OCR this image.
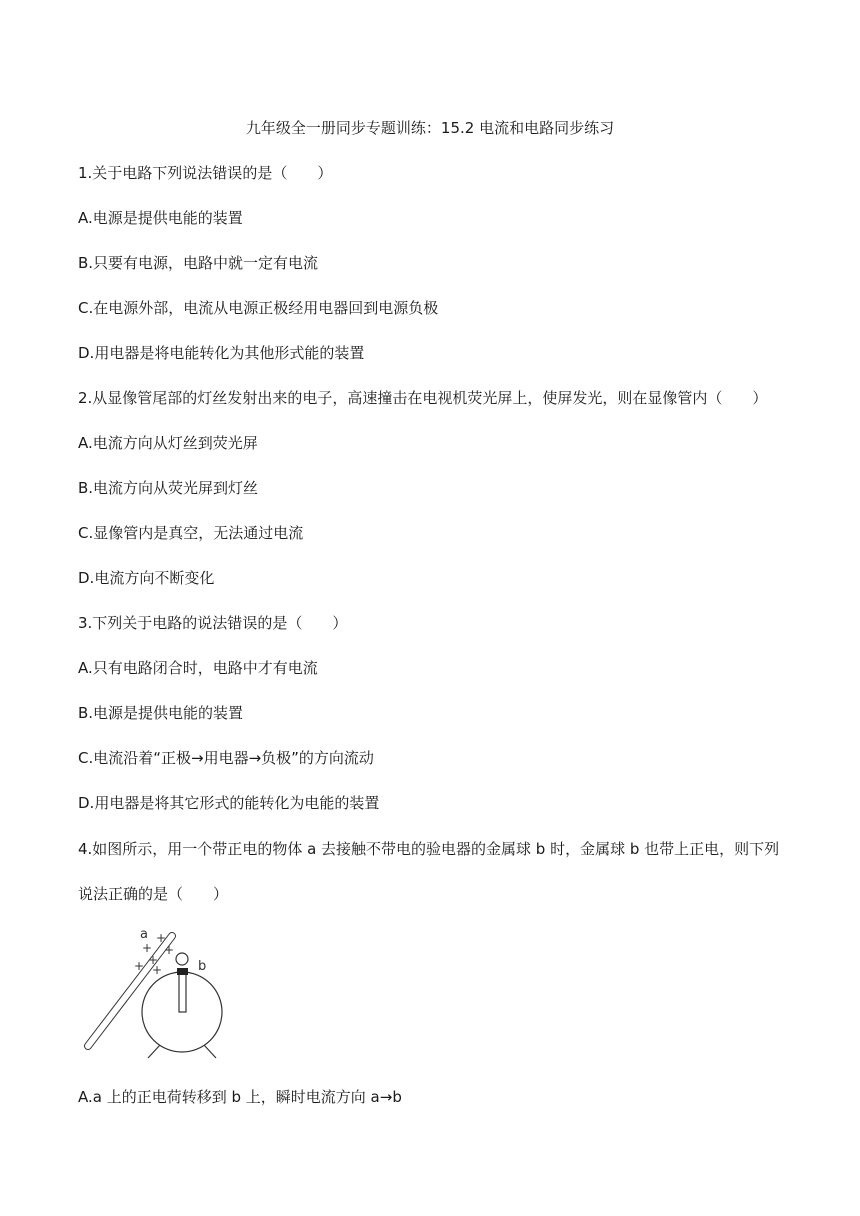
九年级全一册同步专题训练：15.2 电流和电路同步练习
1.关于电路下列说法错误的是（　　）
A.电源是提供电能的装置
B.只要有电源，电路中就一定有电流
C.在电源外部，电流从电源正极经用电器回到电源负极
D.用电器是将电能转化为其他形式能的装置
2.从显像管尾部的灯丝发射出来的电子，高速撞击在电视机荧光屏上，使屏发光，则在显像管内（　　）
A.电流方向从灯丝到荧光屏
B.电流方向从荧光屏到灯丝
C.显像管内是真空，无法通过电流
D.电流方向不断变化
3.下列关于电路的说法错误的是（　　）
A.只有电路闭合时，电路中才有电流
B.电源是提供电能的装置
C.电流沿着“正极→用电器→负极”的方向流动
D.用电器是将其它形式的能转化为电能的装置
4.如图所示，用一个带正电的物体 a 去接触不带电的验电器的金属球 b 时，金属球 b 也带上正电，则下列
说法正确的是（　　）
+
+ +
+
+ +
a
b
A.a 上的正电荷转移到 b 上，瞬时电流方向 a→b
